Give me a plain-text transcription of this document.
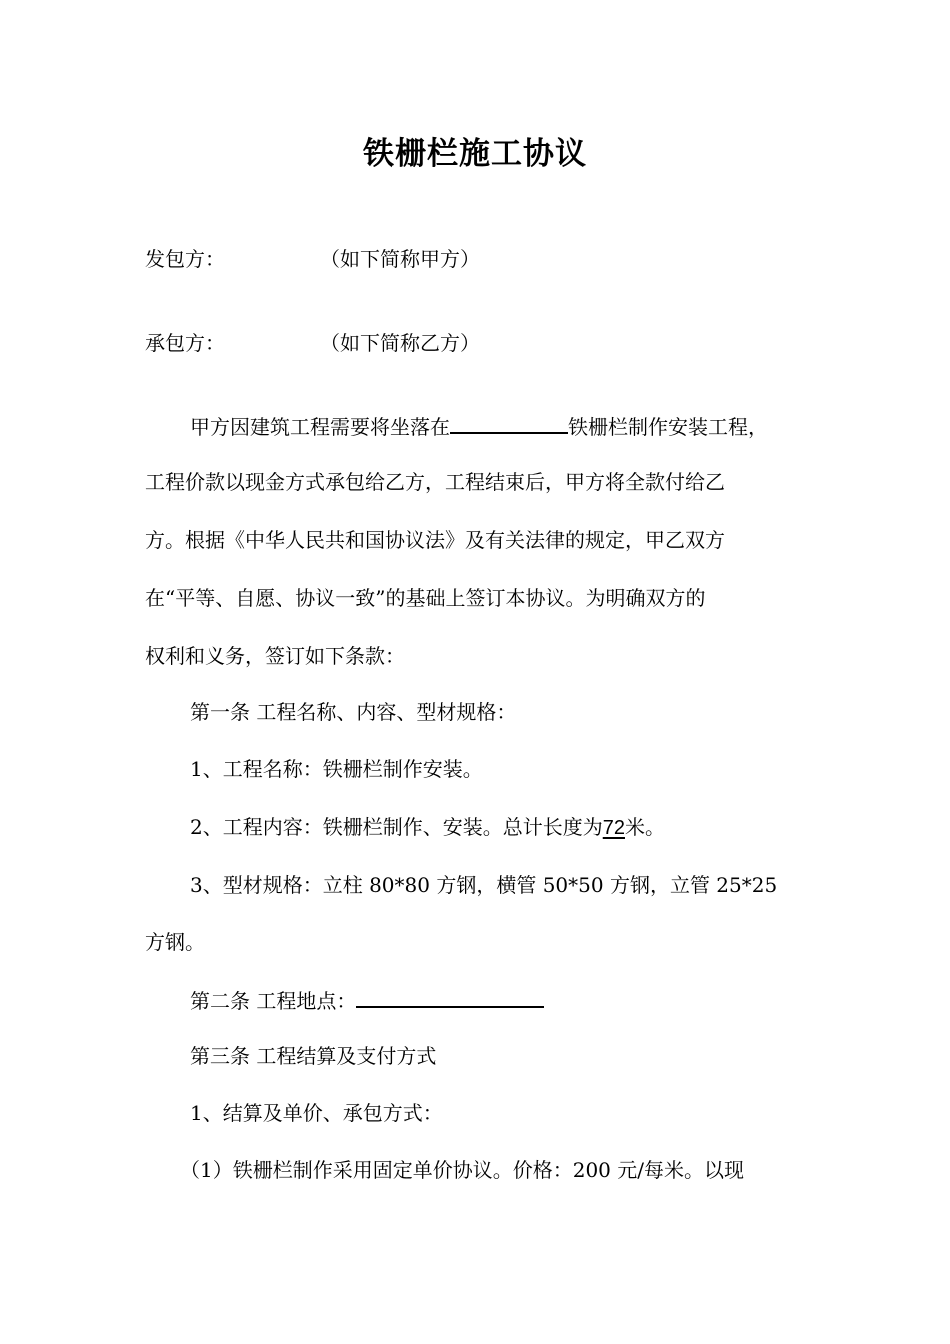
铁栅栏施工协议
发包方：	（如下简称甲方）
承包方：	（如下简称乙方）
甲方因建筑工程需要将坐落在	铁栅栏制作安装工程，
工程价款以现金方式承包给乙方，工程结束后，甲方将全款付给乙
方。根据《中华人民共和国协议法》及有关法律的规定，甲乙双方
在“平等、自愿、协议一致”的基础上签订本协议。为明确双方的
权利和义务，签订如下条款：
第一条 工程名称、内容、型材规格：
1、工程名称：铁栅栏制作安装。
2、工程内容：铁栅栏制作、安装。总计长度为72米。
3、型材规格：立柱 80*80 方钢，横管 50*50 方钢，立管 25*25
方钢。
第二条 工程地点：
第三条 工程结算及支付方式
1、结算及单价、承包方式：
（1）铁栅栏制作采用固定单价协议。价格：200 元/每米。以现
